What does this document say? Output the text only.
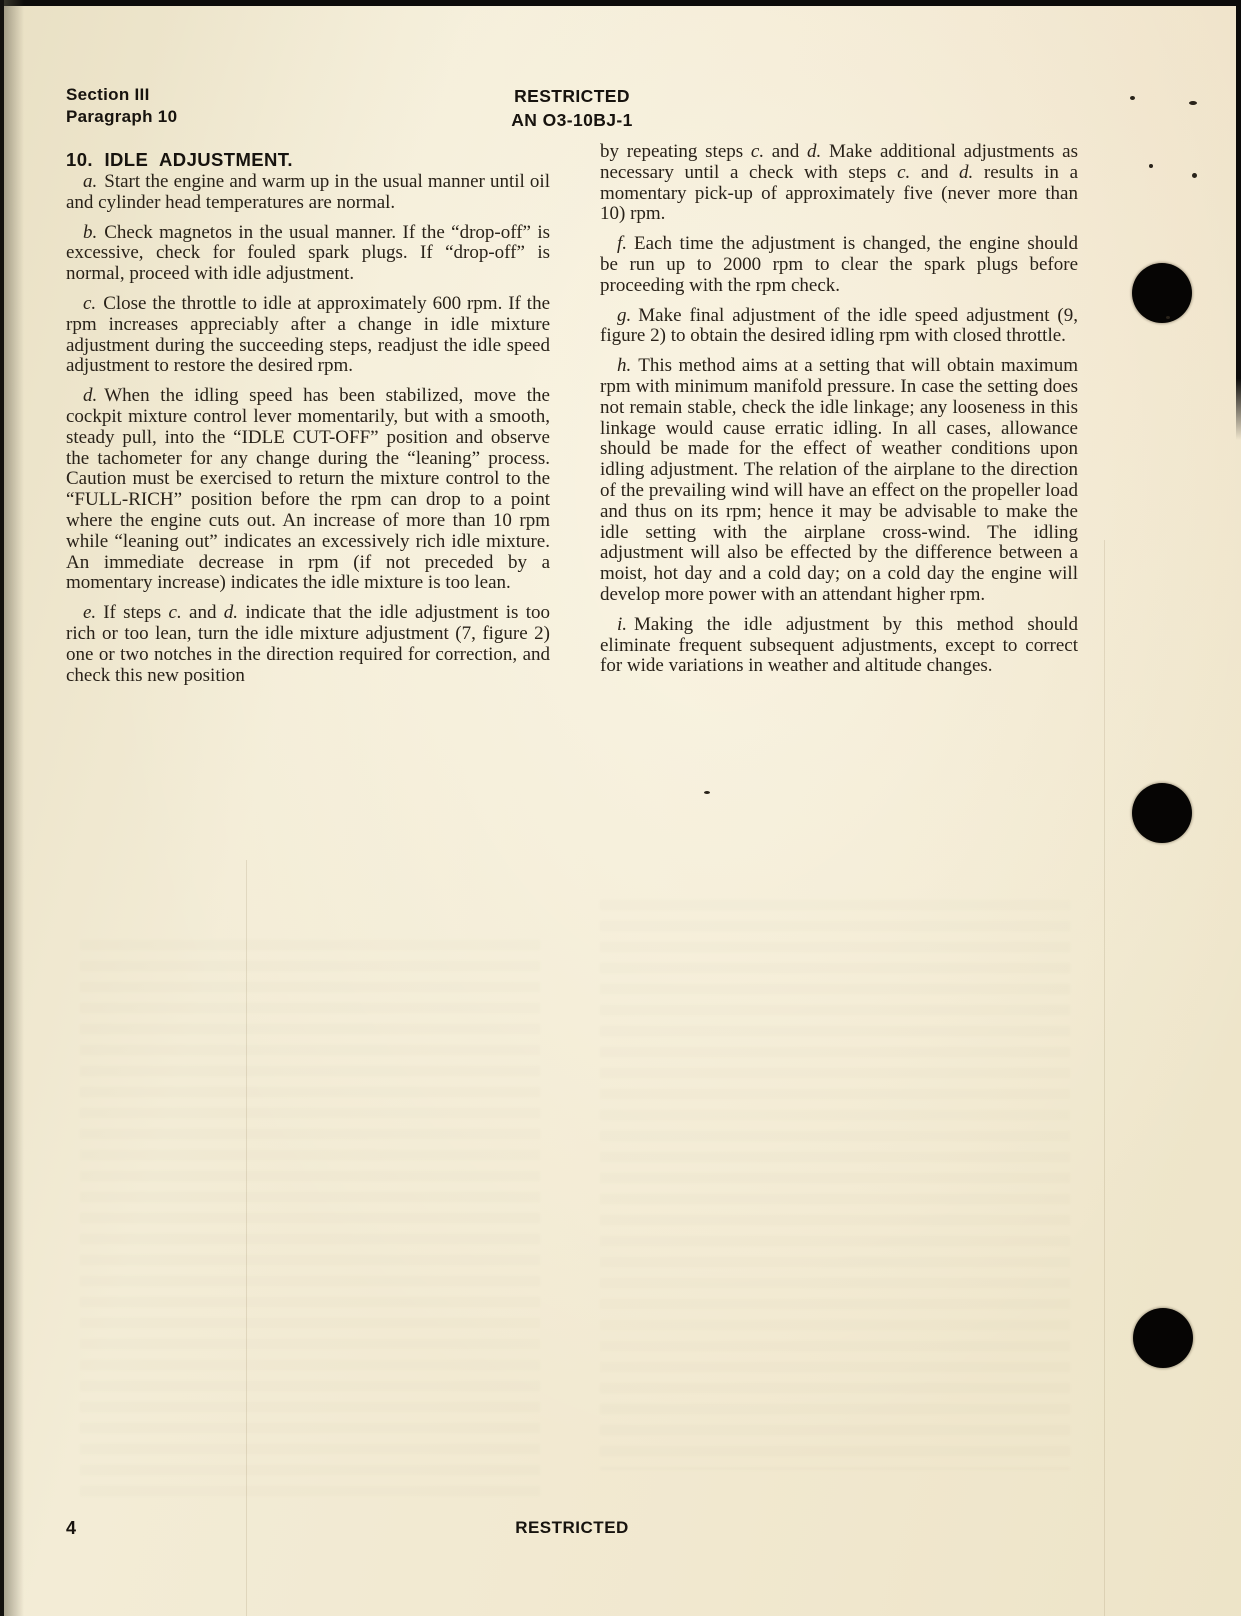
Section III
Paragraph 10
RESTRICTED
AN O3-10BJ-1
10. IDLE ADJUSTMENT.

a. Start the engine and warm up in the usual manner until oil and cylinder head temperatures are normal.

b. Check magnetos in the usual manner. If the “drop-off” is excessive, check for fouled spark plugs. If “drop-off” is normal, proceed with idle adjustment.

c. Close the throttle to idle at approximately 600 rpm. If the rpm increases appreciably after a change in idle mixture adjustment during the succeeding steps, readjust the idle speed adjustment to restore the desired rpm.

d. When the idling speed has been stabilized, move the cockpit mixture control lever momentarily, but with a smooth, steady pull, into the “IDLE CUT-OFF” position and observe the tachometer for any change during the “leaning” process. Caution must be exercised to return the mixture control to the “FULL-RICH” position before the rpm can drop to a point where the engine cuts out. An increase of more than 10 rpm while “leaning out” indicates an excessively rich idle mixture. An immediate decrease in rpm (if not preceded by a momentary increase) indicates the idle mixture is too lean.

e. If steps c. and d. indicate that the idle adjustment is too rich or too lean, turn the idle mixture adjustment (7, figure 2) one or two notches in the direction required for correction, and check this new position

by repeating steps c. and d. Make additional adjustments as necessary until a check with steps c. and d. results in a momentary pick-up of approximately five (never more than 10) rpm.

f. Each time the adjustment is changed, the engine should be run up to 2000 rpm to clear the spark plugs before proceeding with the rpm check.

g. Make final adjustment of the idle speed adjustment (9, figure 2) to obtain the desired idling rpm with closed throttle.

h. This method aims at a setting that will obtain maximum rpm with minimum manifold pressure. In case the setting does not remain stable, check the idle linkage; any looseness in this linkage would cause erratic idling. In all cases, allowance should be made for the effect of weather conditions upon idling adjustment. The relation of the airplane to the direction of the prevailing wind will have an effect on the propeller load and thus on its rpm; hence it may be advisable to make the idle setting with the airplane cross-wind. The idling adjustment will also be effected by the difference between a moist, hot day and a cold day; on a cold day the engine will develop more power with an attendant higher rpm.

i. Making the idle adjustment by this method should eliminate frequent subsequent adjustments, except to correct for wide variations in weather and altitude changes.

4	RESTRICTED
